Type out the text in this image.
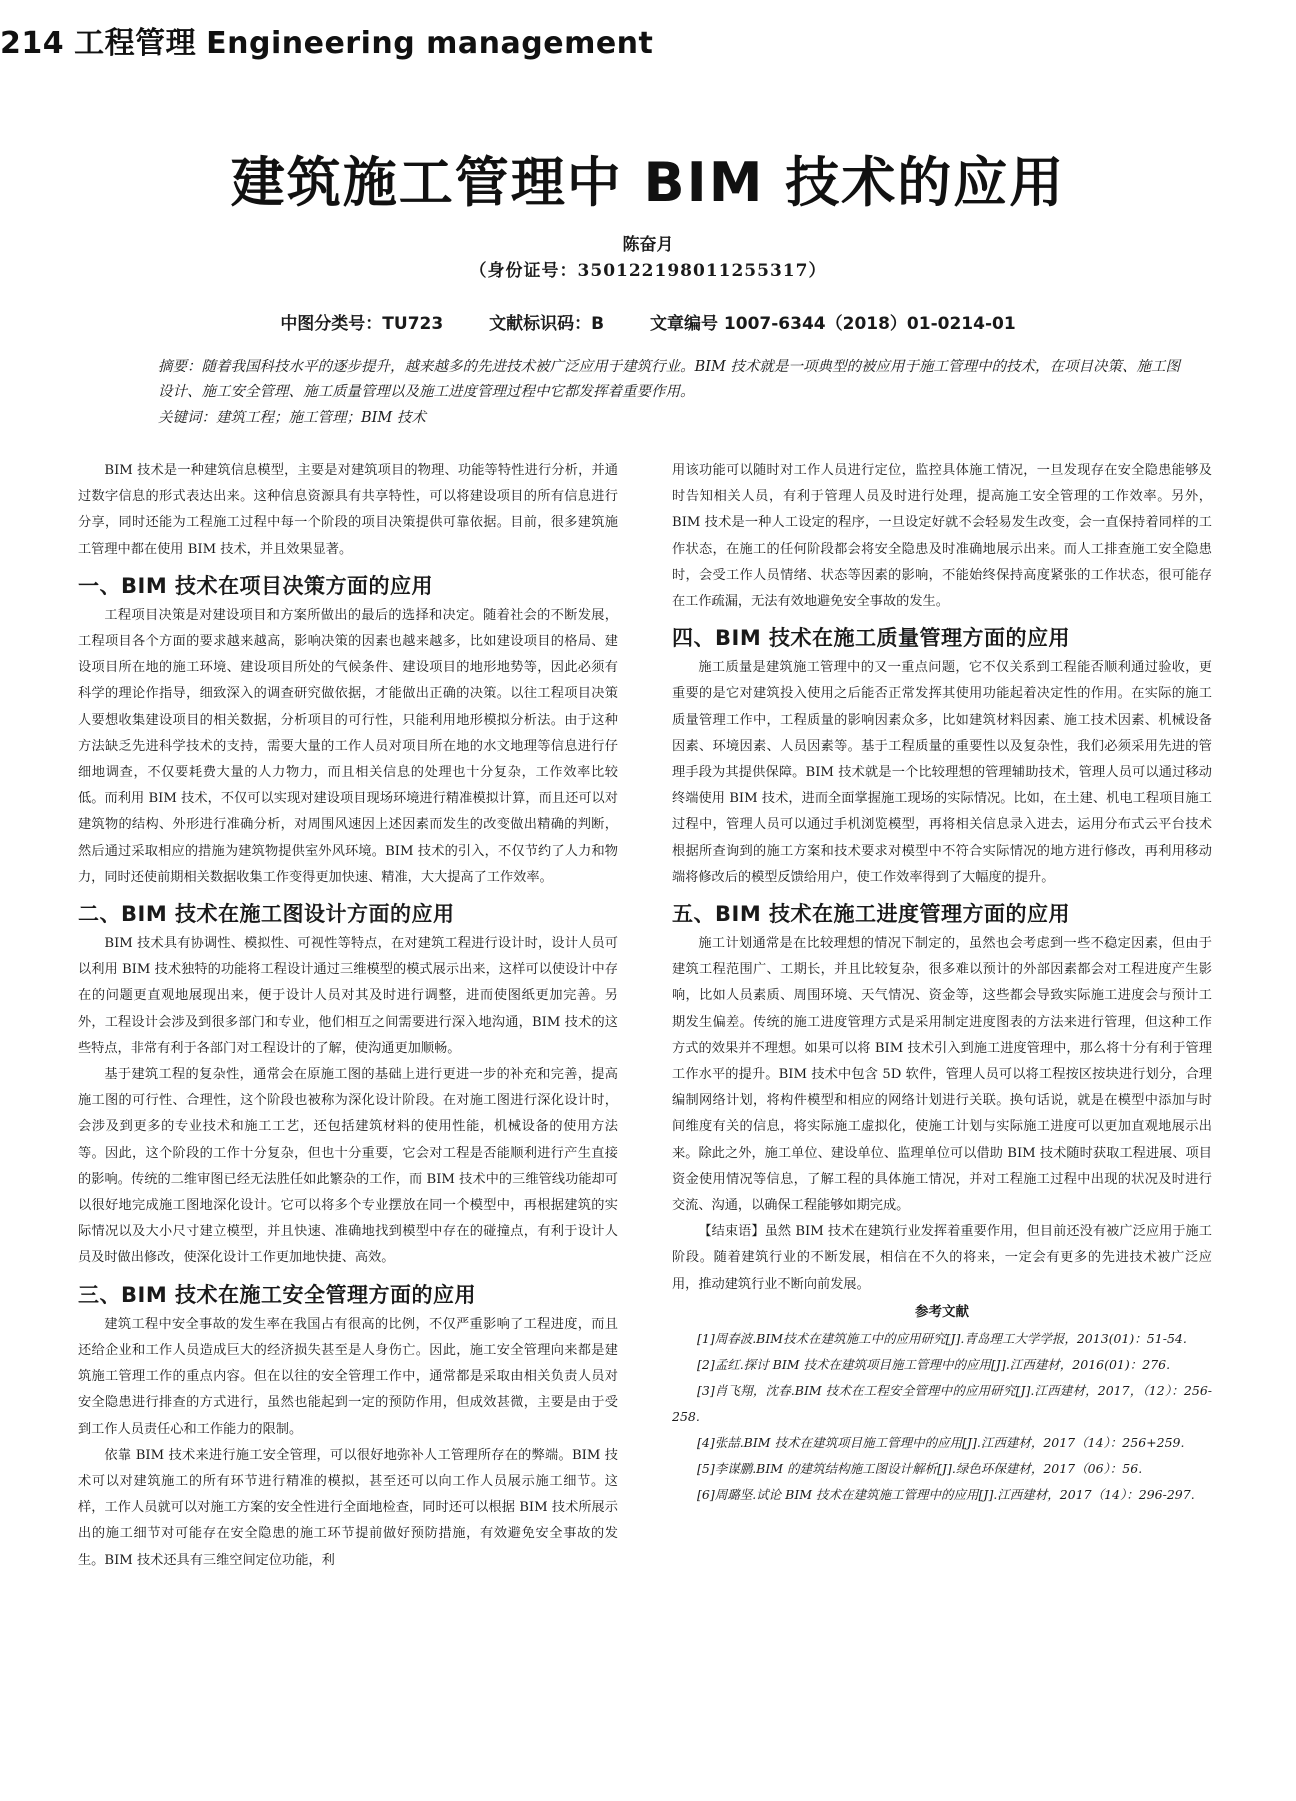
214 工程管理 Engineering management
建筑施工管理中 BIM 技术的应用
陈奋月
（身份证号：350122198011255317）
中图分类号：TU723	文献标识码：B	文章编号 1007-6344（2018）01-0214-01
摘要：随着我国科技水平的逐步提升，越来越多的先进技术被广泛应用于建筑行业。BIM 技术就是一项典型的被应用于施工管理中的技术，在项目决策、施工图设计、施工安全管理、施工质量管理以及施工进度管理过程中它都发挥着重要作用。
关键词：建筑工程；施工管理；BIM 技术

BIM 技术是一种建筑信息模型，主要是对建筑项目的物理、功能等特性进行分析，并通过数字信息的形式表达出来。这种信息资源具有共享特性，可以将建设项目的所有信息进行分享，同时还能为工程施工过程中每一个阶段的项目决策提供可靠依据。目前，很多建筑施工管理中都在使用 BIM 技术，并且效果显著。

一、BIM 技术在项目决策方面的应用

工程项目决策是对建设项目和方案所做出的最后的选择和决定。随着社会的不断发展，工程项目各个方面的要求越来越高，影响决策的因素也越来越多，比如建设项目的格局、建设项目所在地的施工环境、建设项目所处的气候条件、建设项目的地形地势等，因此必须有科学的理论作指导，细致深入的调查研究做依据，才能做出正确的决策。以往工程项目决策人要想收集建设项目的相关数据，分析项目的可行性，只能利用地形模拟分析法。由于这种方法缺乏先进科学技术的支持，需要大量的工作人员对项目所在地的水文地理等信息进行仔细地调查，不仅要耗费大量的人力物力，而且相关信息的处理也十分复杂，工作效率比较低。而利用 BIM 技术，不仅可以实现对建设项目现场环境进行精准模拟计算，而且还可以对建筑物的结构、外形进行准确分析，对周围风速因上述因素而发生的改变做出精确的判断，然后通过采取相应的措施为建筑物提供室外风环境。BIM 技术的引入，不仅节约了人力和物力，同时还使前期相关数据收集工作变得更加快速、精准，大大提高了工作效率。

二、BIM 技术在施工图设计方面的应用

BIM 技术具有协调性、模拟性、可视性等特点，在对建筑工程进行设计时，设计人员可以利用 BIM 技术独特的功能将工程设计通过三维模型的模式展示出来，这样可以使设计中存在的问题更直观地展现出来，便于设计人员对其及时进行调整，进而使图纸更加完善。另外，工程设计会涉及到很多部门和专业，他们相互之间需要进行深入地沟通，BIM 技术的这些特点，非常有利于各部门对工程设计的了解，使沟通更加顺畅。

基于建筑工程的复杂性，通常会在原施工图的基础上进行更进一步的补充和完善，提高施工图的可行性、合理性，这个阶段也被称为深化设计阶段。在对施工图进行深化设计时，会涉及到更多的专业技术和施工工艺，还包括建筑材料的使用性能，机械设备的使用方法等。因此，这个阶段的工作十分复杂，但也十分重要，它会对工程是否能顺利进行产生直接的影响。传统的二维审图已经无法胜任如此繁杂的工作，而 BIM 技术中的三维管线功能却可以很好地完成施工图地深化设计。它可以将多个专业摆放在同一个模型中，再根据建筑的实际情况以及大小尺寸建立模型，并且快速、准确地找到模型中存在的碰撞点，有利于设计人员及时做出修改，使深化设计工作更加地快捷、高效。

三、BIM 技术在施工安全管理方面的应用

建筑工程中安全事故的发生率在我国占有很高的比例，不仅严重影响了工程进度，而且还给企业和工作人员造成巨大的经济损失甚至是人身伤亡。因此，施工安全管理向来都是建筑施工管理工作的重点内容。但在以往的安全管理工作中，通常都是采取由相关负责人员对安全隐患进行排查的方式进行，虽然也能起到一定的预防作用，但成效甚微，主要是由于受到工作人员责任心和工作能力的限制。

依靠 BIM 技术来进行施工安全管理，可以很好地弥补人工管理所存在的弊端。BIM 技术可以对建筑施工的所有环节进行精准的模拟，甚至还可以向工作人员展示施工细节。这样，工作人员就可以对施工方案的安全性进行全面地检查，同时还可以根据 BIM 技术所展示出的施工细节对可能存在安全隐患的施工环节提前做好预防措施，有效避免安全事故的发生。BIM 技术还具有三维空间定位功能，利

用该功能可以随时对工作人员进行定位，监控具体施工情况，一旦发现存在安全隐患能够及时告知相关人员，有利于管理人员及时进行处理，提高施工安全管理的工作效率。另外，BIM 技术是一种人工设定的程序，一旦设定好就不会轻易发生改变，会一直保持着同样的工作状态，在施工的任何阶段都会将安全隐患及时准确地展示出来。而人工排查施工安全隐患时，会受工作人员情绪、状态等因素的影响，不能始终保持高度紧张的工作状态，很可能存在工作疏漏，无法有效地避免安全事故的发生。

四、BIM 技术在施工质量管理方面的应用

施工质量是建筑施工管理中的又一重点问题，它不仅关系到工程能否顺利通过验收，更重要的是它对建筑投入使用之后能否正常发挥其使用功能起着决定性的作用。在实际的施工质量管理工作中，工程质量的影响因素众多，比如建筑材料因素、施工技术因素、机械设备因素、环境因素、人员因素等。基于工程质量的重要性以及复杂性，我们必须采用先进的管理手段为其提供保障。BIM 技术就是一个比较理想的管理辅助技术，管理人员可以通过移动终端使用 BIM 技术，进而全面掌握施工现场的实际情况。比如，在土建、机电工程项目施工过程中，管理人员可以通过手机浏览模型，再将相关信息录入进去，运用分布式云平台技术根据所查询到的施工方案和技术要求对模型中不符合实际情况的地方进行修改，再利用移动端将修改后的模型反馈给用户，使工作效率得到了大幅度的提升。

五、BIM 技术在施工进度管理方面的应用

施工计划通常是在比较理想的情况下制定的，虽然也会考虑到一些不稳定因素，但由于建筑工程范围广、工期长，并且比较复杂，很多难以预计的外部因素都会对工程进度产生影响，比如人员素质、周围环境、天气情况、资金等，这些都会导致实际施工进度会与预计工期发生偏差。传统的施工进度管理方式是采用制定进度图表的方法来进行管理，但这种工作方式的效果并不理想。如果可以将 BIM 技术引入到施工进度管理中，那么将十分有利于管理工作水平的提升。BIM 技术中包含 5D 软件，管理人员可以将工程按区按块进行划分，合理编制网络计划，将构件模型和相应的网络计划进行关联。换句话说，就是在模型中添加与时间维度有关的信息，将实际施工虚拟化，使施工计划与实际施工进度可以更加直观地展示出来。除此之外，施工单位、建设单位、监理单位可以借助 BIM 技术随时获取工程进展、项目资金使用情况等信息，了解工程的具体施工情况，并对工程施工过程中出现的状况及时进行交流、沟通，以确保工程能够如期完成。

【结束语】虽然 BIM 技术在建筑行业发挥着重要作用，但目前还没有被广泛应用于施工阶段。随着建筑行业的不断发展，相信在不久的将来，一定会有更多的先进技术被广泛应用，推动建筑行业不断向前发展。

参考文献

[1]周春波.BIM技术在建筑施工中的应用研究[J].青岛理工大学学报，2013(01)：51-54.

[2]孟红.探讨 BIM 技术在建筑项目施工管理中的应用[J].江西建材，2016(01)：276.

[3]肖飞翔，沈春.BIM 技术在工程安全管理中的应用研究[J].江西建材，2017，（12）：256-258.

[4]张喆.BIM 技术在建筑项目施工管理中的应用[J].江西建材，2017（14）：256+259.

[5]李谋鹏.BIM 的建筑结构施工图设计解析[J].绿色环保建材，2017（06）：56.

[6]周璐坚.试论 BIM 技术在建筑施工管理中的应用[J].江西建材，2017（14）：296-297.
